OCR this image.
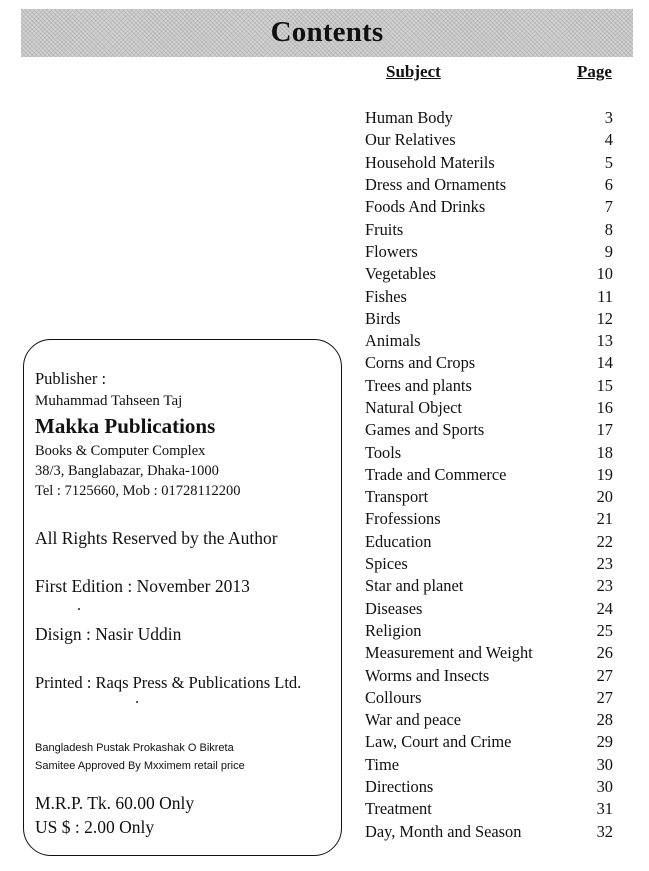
Contents
Subject	Page
Human Body	3
Our Relatives	4
Household Materils	5
Dress and Ornaments	6
Foods And Drinks	7
Fruits	8
Flowers	9
Vegetables	10
Fishes	11
Birds	12
Animals	13
Corns and Crops	14
Trees and plants	15
Natural Object	16
Games and Sports	17
Tools	18
Trade and Commerce	19
Transport	20
Frofessions	21
Education	22
Spices	23
Star and planet	23
Diseases	24
Religion	25
Measurement and Weight	26
Worms and Insects	27
Collours	27
War and peace	28
Law, Court and Crime	29
Time	30
Directions	30
Treatment	31
Day, Month and Season	32
Publisher :
Muhammad Tahseen Taj
Makka Publications
Books & Computer Complex
38/3, Banglabazar, Dhaka-1000
Tel : 7125660, Mob : 01728112200
All Rights Reserved by the Author
First Edition : November 2013
Disign : Nasir Uddin
Printed : Raqs Press & Publications Ltd.
Bangladesh Pustak Prokashak O Bikreta
Samitee Approved By Mxximem retail price
M.R.P. Tk. 60.00 Only
US $ : 2.00 Only
